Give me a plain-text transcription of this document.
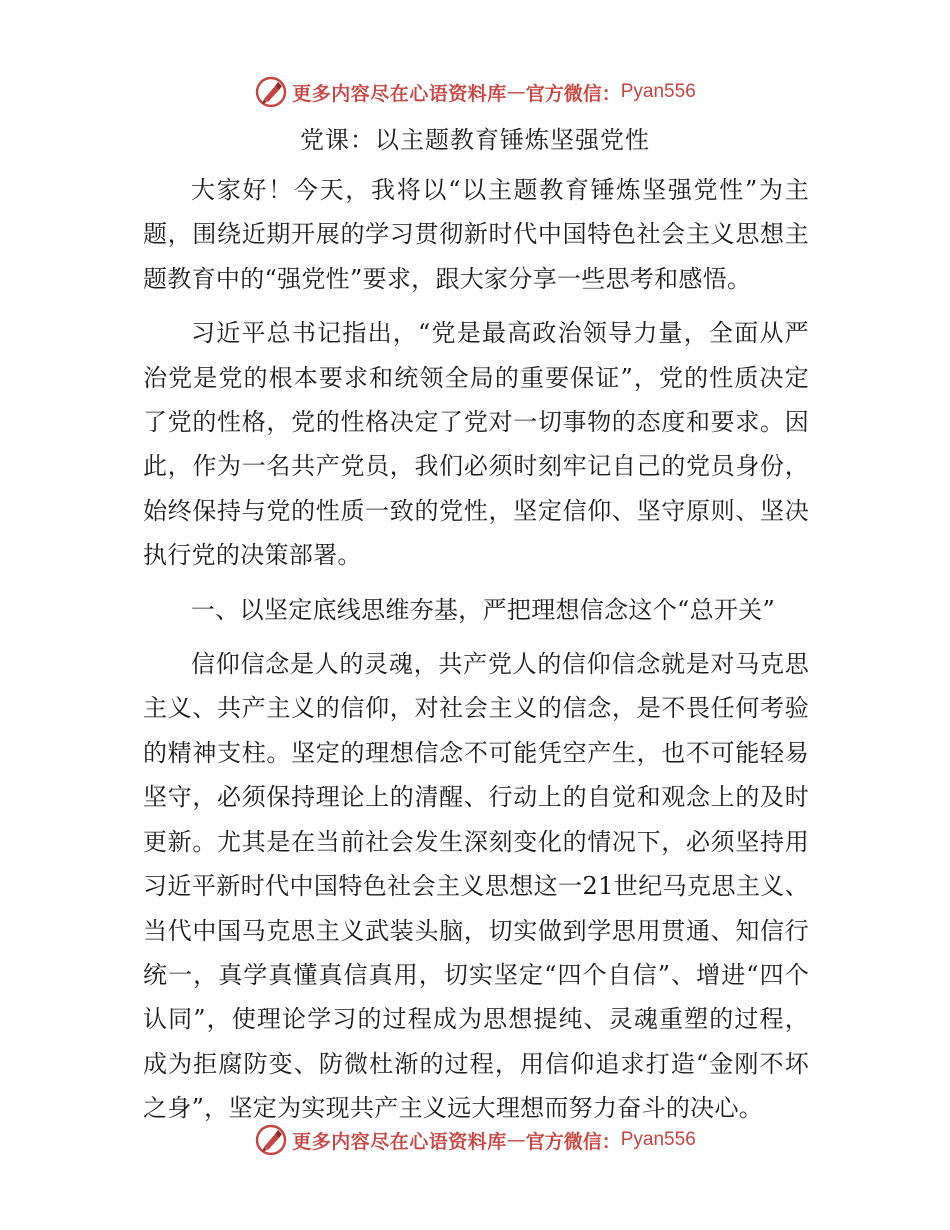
更多内容尽在心语资料库 — 官方微信： Pyan556
党课：以主题教育锤炼坚强党性

大家好！今天，我将以“以主题教育锤炼坚强党性”为主题，围绕近期开展的学习贯彻新时代中国特色社会主义思想主题教育中的“强党性”要求，跟大家分享一些思考和感悟。

习近平总书记指出，“党是最高政治领导力量，全面从严治党是党的根本要求和统领全局的重要保证”，党的性质决定了党的性格，党的性格决定了党对一切事物的态度和要求。因此，作为一名共产党员，我们必须时刻牢记自己的党员身份，始终保持与党的性质一致的党性，坚定信仰、坚守原则、坚决执行党的决策部署。

一、以坚定底线思维夯基，严把理想信念这个“总开关”

信仰信念是人的灵魂，共产党人的信仰信念就是对马克思主义、共产主义的信仰，对社会主义的信念，是不畏任何考验的精神支柱。坚定的理想信念不可能凭空产生，也不可能轻易坚守，必须保持理论上的清醒、行动上的自觉和观念上的及时更新。尤其是在当前社会发生深刻变化的情况下，必须坚持用习近平新时代中国特色社会主义思想这一21世纪马克思主义、当代中国马克思主义武装头脑，切实做到学思用贯通、知信行统一，真学真懂真信真用，切实坚定“四个自信”、增进“四个认同”，使理论学习的过程成为思想提纯、灵魂重塑的过程，成为拒腐防变、防微杜渐的过程，用信仰追求打造“金刚不坏之身”，坚定为实现共产主义远大理想而努力奋斗的决心。

更多内容尽在心语资料库 — 官方微信： Pyan556
